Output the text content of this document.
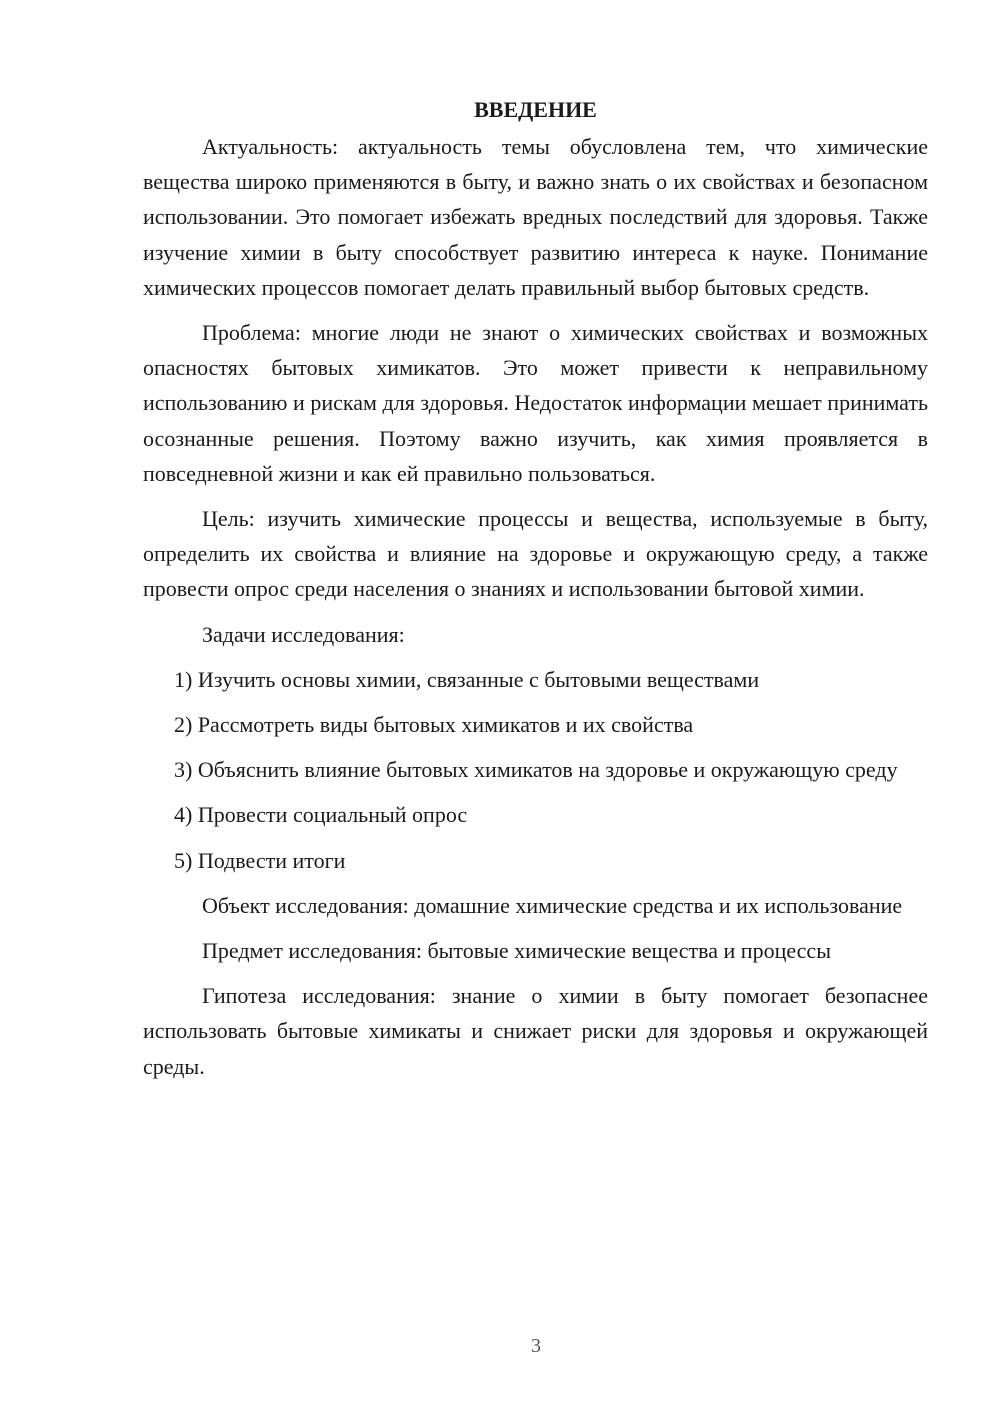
ВВЕДЕНИЕ

Актуальность: актуальность темы обусловлена тем, что химические вещества широко применяются в быту, и важно знать о их свойствах и безопасном использовании. Это помогает избежать вредных последствий для здоровья. Также изучение химии в быту способствует развитию интереса к науке. Понимание химических процессов помогает делать правильный выбор бытовых средств.

Проблема: многие люди не знают о химических свойствах и возможных опасностях бытовых химикатов. Это может привести к неправильному использованию и рискам для здоровья. Недостаток информации мешает принимать осознанные решения. Поэтому важно изучить, как химия проявляется в повседневной жизни и как ей правильно пользоваться.

Цель: изучить химические процессы и вещества, используемые в быту, определить их свойства и влияние на здоровье и окружающую среду, а также провести опрос среди населения о знаниях и использовании бытовой химии.

Задачи исследования:

1) Изучить основы химии, связанные с бытовыми веществами

2) Рассмотреть виды бытовых химикатов и их свойства

3) Объяснить влияние бытовых химикатов на здоровье и окружающую среду

4) Провести социальный опрос

5) Подвести итоги

Объект исследования: домашние химические средства и их использование

Предмет исследования: бытовые химические вещества и процессы

Гипотеза исследования: знание о химии в быту помогает безопаснее использовать бытовые химикаты и снижает риски для здоровья и окружающей среды.

3
